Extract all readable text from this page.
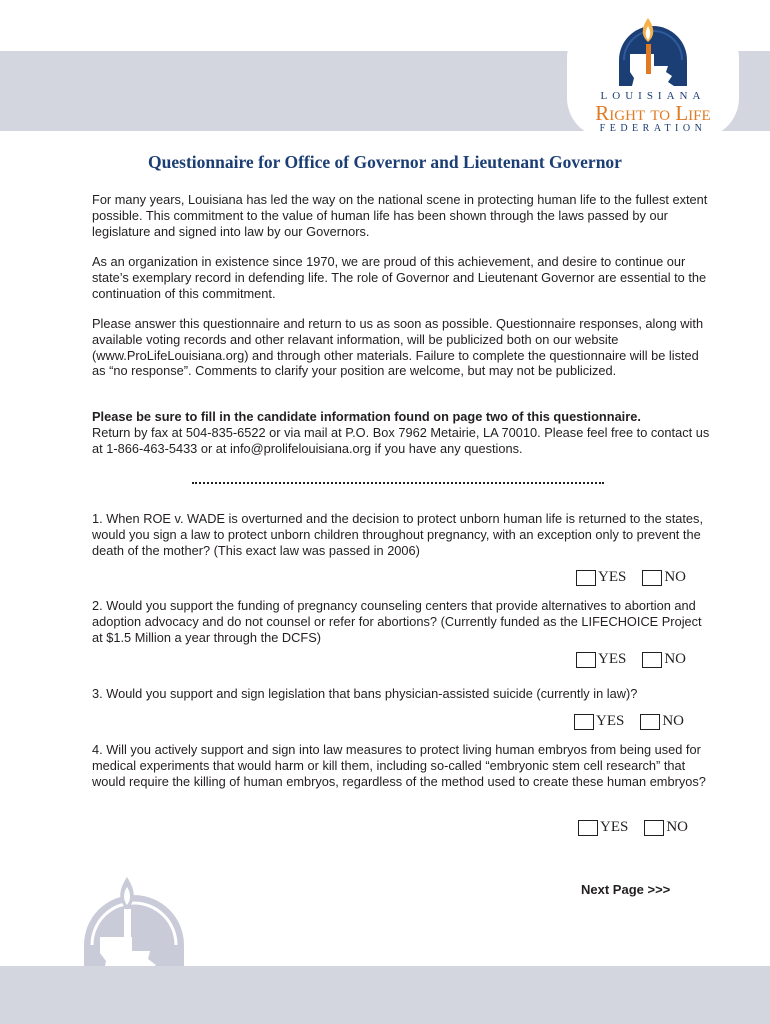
LOUISIANA
Right to Life
FEDERATION
Questionnaire for Office of Governor and Lieutenant Governor

For many years, Louisiana has led the way on the national scene in protecting human life to the fullest extent possible. This commitment to the value of human life has been shown through the laws passed by our legislature and signed into law by our Governors.

As an organization in existence since 1970, we are proud of this achievement, and desire to continue our state’s exemplary record in defending life. The role of Governor and Lieutenant Governor are essential to the continuation of this commitment.

Please answer this questionnaire and return to us as soon as possible. Questionnaire responses, along with available voting records and other relavant information, will be publicized both on our website (www.ProLifeLouisiana.org) and through other materials. Failure to complete the questionnaire will be listed as “no response”. Comments to clarify your position are welcome, but may not be publicized.

Please be sure to fill in the candidate information found on page two of this questionnaire.
Return by fax at 504-835-6522 or via mail at P.O. Box 7962 Metairie, LA 70010. Please feel free to contact us at 1-866-463-5433 or at info@prolifelouisiana.org if you have any questions.

1. When ROE v. WADE is overturned and the decision to protect unborn human life is returned to the states, would you sign a law to protect unborn children throughout pregnancy, with an exception only to prevent the death of the mother? (This exact law was passed in 2006)

YES	NO

2. Would you support the funding of pregnancy counseling centers that provide alternatives to abortion and adoption advocacy and do not counsel or refer for abortions? (Currently funded as the LIFECHOICE Project at $1.5 Million a year through the DCFS)

YES	NO

3. Would you support and sign legislation that bans physician-assisted suicide (currently in law)?

YES	NO

4. Will you actively support and sign into law measures to protect living human embryos from being used for medical experiments that would harm or kill them, including so-called “embryonic stem cell research” that would require the killing of human embryos, regardless of the method used to create these human embryos?

YES	NO
Next Page >>>
